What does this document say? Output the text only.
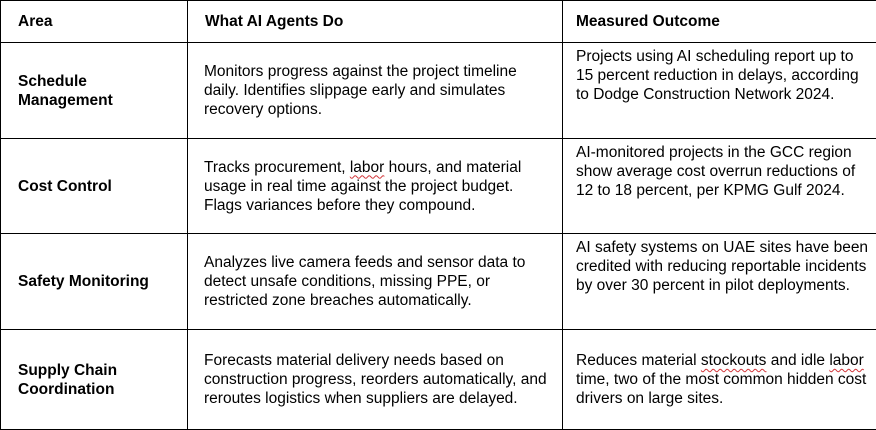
Area	What AI Agents Do	Measured Outcome

Schedule Management	Monitors progress against the project timeline daily. Identifies slippage early and simulates recovery options.	Projects using AI scheduling report up to 15 percent reduction in delays, according to Dodge Construction Network 2024.

Cost Control	Tracks procurement, labor hours, and material usage in real time against the project budget. Flags variances before they compound.	AI-monitored projects in the GCC region show average cost overrun reductions of 12 to 18 percent, per KPMG Gulf 2024.

Safety Monitoring	Analyzes live camera feeds and sensor data to detect unsafe conditions, missing PPE, or restricted zone breaches automatically.	AI safety systems on UAE sites have been credited with reducing reportable incidents by over 30 percent in pilot deployments.

Supply Chain Coordination	Forecasts material delivery needs based on construction progress, reorders automatically, and reroutes logistics when suppliers are delayed.	Reduces material stockouts and idle labor time, two of the most common hidden cost drivers on large sites.
